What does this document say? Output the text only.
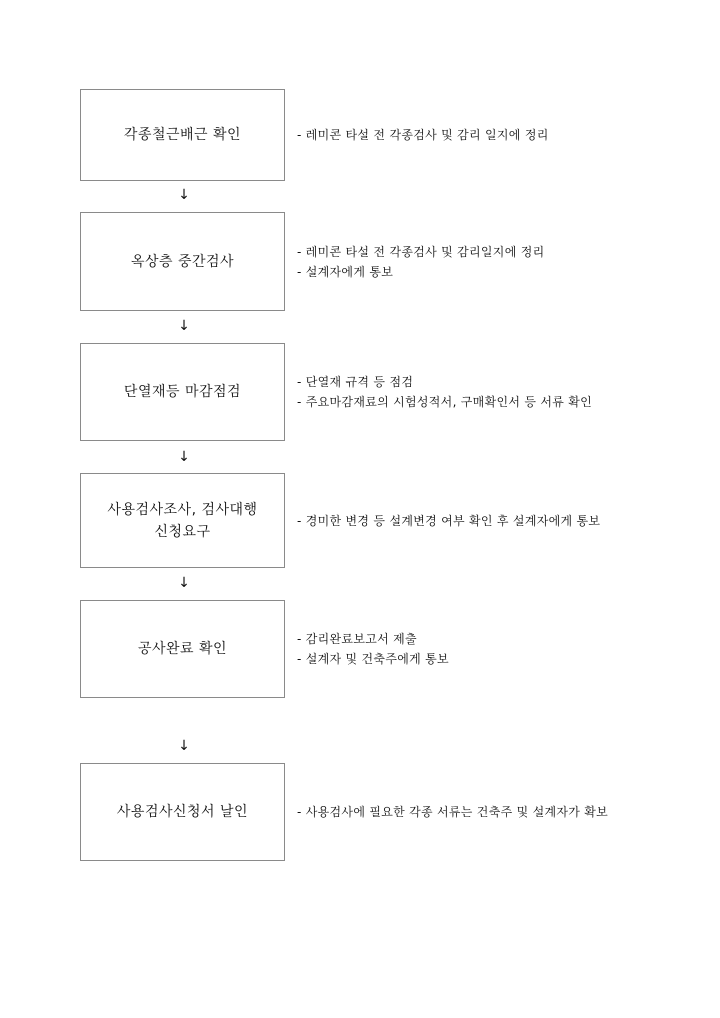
각종철근배근 확인	- 레미콘 타설 전 각종검사 및 감리 일지에 정리
↓
옥상층 중간검사
- 레미콘 타설 전 각종검사 및 감리일지에 정리
- 설계자에게 통보
↓
단열재등 마감점검
- 단열재 규격 등 점검
- 주요마감재료의 시험성적서, 구매확인서 등 서류 확인
↓
사용검사조사, 검사대행
신청요구
- 경미한 변경 등 설계변경 여부 확인 후 설계자에게 통보
↓
공사완료 확인
- 감리완료보고서 제출
- 설계자 및 건축주에게 통보
↓
사용검사신청서 날인	- 사용검사에 필요한 각종 서류는 건축주 및 설계자가 확보
